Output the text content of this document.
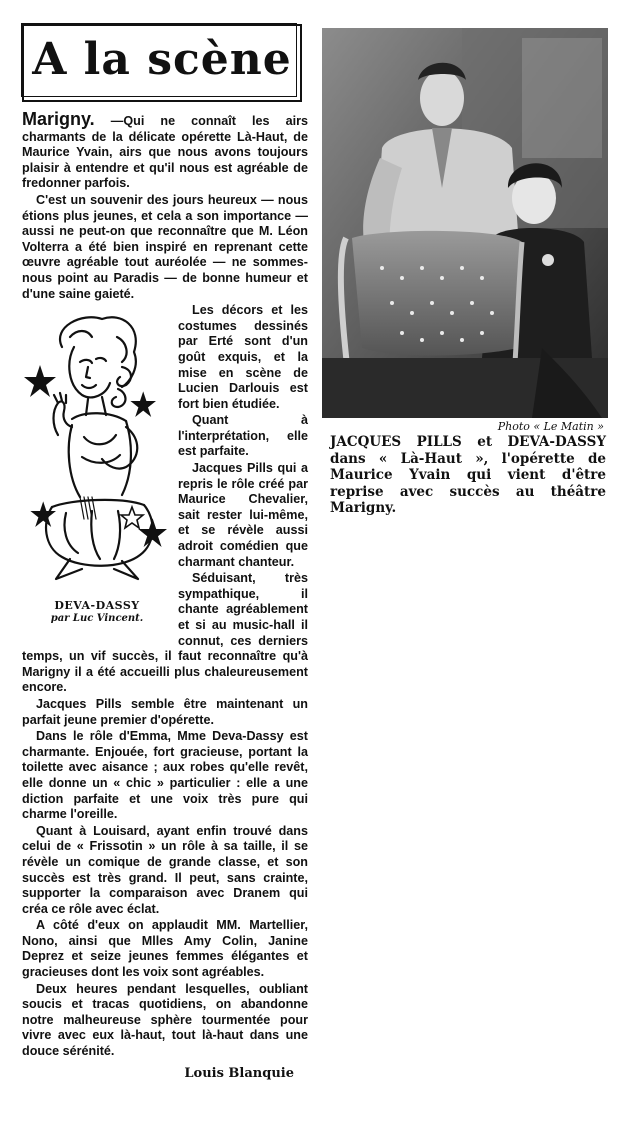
A la scène

Marigny. —Qui ne connaît les airs charmants de la délicate opérette Là-Haut, de Maurice Yvain, airs que nous avons toujours plaisir à entendre et qu'il nous est agréable de fredonner parfois.

C'est un souvenir des jours heureux — nous étions plus jeunes, et cela a son importance — aussi ne peut-on que reconnaître que M. Léon Volterra a été bien inspiré en reprenant cette œuvre agréable tout auréolée — ne sommes-nous point au Paradis — de bonne humeur et d'une saine gaieté.

DEVA-DASSY
par Luc Vincent.

Les décors et les costumes dessinés par Erté sont d'un goût exquis, et la mise en scène de Lucien Darlouis est fort bien étudiée.

Quant à l'interprétation, elle est parfaite.

Jacques Pills qui a repris le rôle créé par Maurice Chevalier, sait rester lui-même, et se révèle aussi adroit comédien que charmant chanteur.

Séduisant, très sympathique, il chante agréablement et si au music-hall il connut, ces derniers temps, un vif succès, il faut reconnaître qu'à Marigny il a été accueilli plus chaleureusement encore.

Jacques Pills semble être maintenant un parfait jeune premier d'opérette.

Dans le rôle d'Emma, Mme Deva-Dassy est charmante. Enjouée, fort gracieuse, portant la toilette avec aisance ; aux robes qu'elle revêt, elle donne un « chic » particulier : elle a une diction parfaite et une voix très pure qui charme l'oreille.

Quant à Louisard, ayant enfin trouvé dans celui de « Frissotin » un rôle à sa taille, il se révèle un comique de grande classe, et son succès est très grand. Il peut, sans crainte, supporter la comparaison avec Dranem qui créa ce rôle avec éclat.

A côté d'eux on applaudit MM. Martellier, Nono, ainsi que Mlles Amy Colin, Janine Deprez et seize jeunes femmes élégantes et gracieuses dont les voix sont agréables.

Deux heures pendant lesquelles, oubliant soucis et tracas quotidiens, on abandonne notre malheureuse sphère tourmentée pour vivre avec eux là-haut, tout là-haut dans une douce sérénité.

Louis Blanquie
Photo « Le Matin »
JACQUES PILLS et DEVA-DASSY dans « Là-Haut », l'opérette de Maurice Yvain qui vient d'être reprise avec succès au théâtre Marigny.
